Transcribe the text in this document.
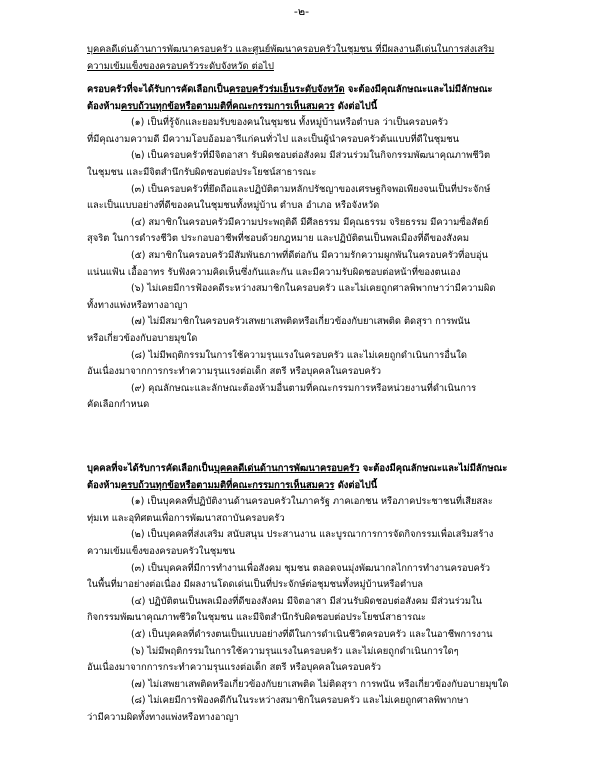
-๒-
บุคคลดีเด่นด้านการพัฒนาครอบครัว และศูนย์พัฒนาครอบครัวในชุมชน ที่มีผลงานดีเด่นในการส่งเสริม
ความเข้มแข็งของครอบครัวระดับจังหวัด ต่อไป
ครอบครัวที่จะได้รับการคัดเลือกเป็นครอบครัวร่มเย็นระดับจังหวัด จะต้องมีคุณลักษณะและไม่มีลักษณะ
ต้องห้ามครบถ้วนทุกข้อหรือตามมติที่คณะกรรมการเห็นสมควร ดังต่อไปนี้
(๑) เป็นที่รู้จักและยอมรับของคนในชุมชน ทั้งหมู่บ้านหรือตำบล ว่าเป็นครอบครัว
ที่มีคุณงามความดี มีความโอบอ้อมอารีแก่คนทั่วไป และเป็นผู้นำครอบครัวต้นแบบที่ดีในชุมชน
(๒) เป็นครอบครัวที่มีจิตอาสา รับผิดชอบต่อสังคม มีส่วนร่วมในกิจกรรมพัฒนาคุณภาพชีวิต
ในชุมชน และมีจิตสำนึกรับผิดชอบต่อประโยชน์สาธารณะ
(๓) เป็นครอบครัวที่ยึดถือและปฏิบัติตามหลักปรัชญาของเศรษฐกิจพอเพียงจนเป็นที่ประจักษ์
และเป็นแบบอย่างที่ดีของคนในชุมชนทั้งหมู่บ้าน ตำบล อำเภอ หรือจังหวัด
(๔) สมาชิกในครอบครัวมีความประพฤติดี มีศีลธรรม มีคุณธรรม จริยธรรม มีความซื่อสัตย์
สุจริต ในการดำรงชีวิต ประกอบอาชีพที่ชอบด้วยกฎหมาย และปฏิบัติตนเป็นพลเมืองที่ดีของสังคม
(๕) สมาชิกในครอบครัวมีสัมพันธภาพที่ดีต่อกัน มีความรักความผูกพันในครอบครัวที่อบอุ่น
แน่นแฟ้น เอื้ออาทร รับฟังความคิดเห็นซึ่งกันและกัน และมีความรับผิดชอบต่อหน้าที่ของตนเอง
(๖) ไม่เคยมีการฟ้องคดีระหว่างสมาชิกในครอบครัว และไม่เคยถูกศาลพิพากษาว่ามีความผิด
ทั้งทางแพ่งหรือทางอาญา
(๗) ไม่มีสมาชิกในครอบครัวเสพยาเสพติดหรือเกี่ยวข้องกับยาเสพติด ติดสุรา การพนัน
หรือเกี่ยวข้องกับอบายมุขใด
(๘) ไม่มีพฤติกรรมในการใช้ความรุนแรงในครอบครัว และไม่เคยถูกดำเนินการอื่นใด
อันเนื่องมาจากการกระทำความรุนแรงต่อเด็ก สตรี หรือบุคคลในครอบครัว
(๙) คุณลักษณะและลักษณะต้องห้ามอื่นตามที่คณะกรรมการหรือหน่วยงานที่ดำเนินการ
คัดเลือกกำหนด
บุคคลที่จะได้รับการคัดเลือกเป็นบุคคลดีเด่นด้านการพัฒนาครอบครัว จะต้องมีคุณลักษณะและไม่มีลักษณะ
ต้องห้ามครบถ้วนทุกข้อหรือตามมติที่คณะกรรมการเห็นสมควร ดังต่อไปนี้
(๑) เป็นบุคคลที่ปฏิบัติงานด้านครอบครัวในภาครัฐ ภาคเอกชน หรือภาคประชาชนที่เสียสละ
ทุ่มเท และอุทิศตนเพื่อการพัฒนาสถาบันครอบครัว
(๒) เป็นบุคคลที่ส่งเสริม สนับสนุน ประสานงาน และบูรณาการการจัดกิจกรรมเพื่อเสริมสร้าง
ความเข้มแข็งของครอบครัวในชุมชน
(๓) เป็นบุคคลที่มีการทำงานเพื่อสังคม ชุมชน ตลอดจนมุ่งพัฒนากลไกการทำงานครอบครัว
ในพื้นที่มาอย่างต่อเนื่อง มีผลงานโดดเด่นเป็นที่ประจักษ์ต่อชุมชนทั้งหมู่บ้านหรือตำบล
(๔) ปฏิบัติตนเป็นพลเมืองที่ดีของสังคม มีจิตอาสา มีส่วนรับผิดชอบต่อสังคม มีส่วนร่วมใน
กิจกรรมพัฒนาคุณภาพชีวิตในชุมชน และมีจิตสำนึกรับผิดชอบต่อประโยชน์สาธารณะ
(๕) เป็นบุคคลที่ดำรงตนเป็นแบบอย่างที่ดีในการดำเนินชีวิตครอบครัว และในอาชีพการงาน
(๖) ไม่มีพฤติกรรมในการใช้ความรุนแรงในครอบครัว และไม่เคยถูกดำเนินการใดๆ
อันเนื่องมาจากการกระทำความรุนแรงต่อเด็ก สตรี หรือบุคคลในครอบครัว
(๗) ไม่เสพยาเสพติดหรือเกี่ยวข้องกับยาเสพติด ไม่ติดสุรา การพนัน หรือเกี่ยวข้องกับอบายมุขใด
(๘) ไม่เคยมีการฟ้องคดีกันในระหว่างสมาชิกในครอบครัว และไม่เคยถูกศาลพิพากษา
ว่ามีความผิดทั้งทางแพ่งหรือทางอาญา
